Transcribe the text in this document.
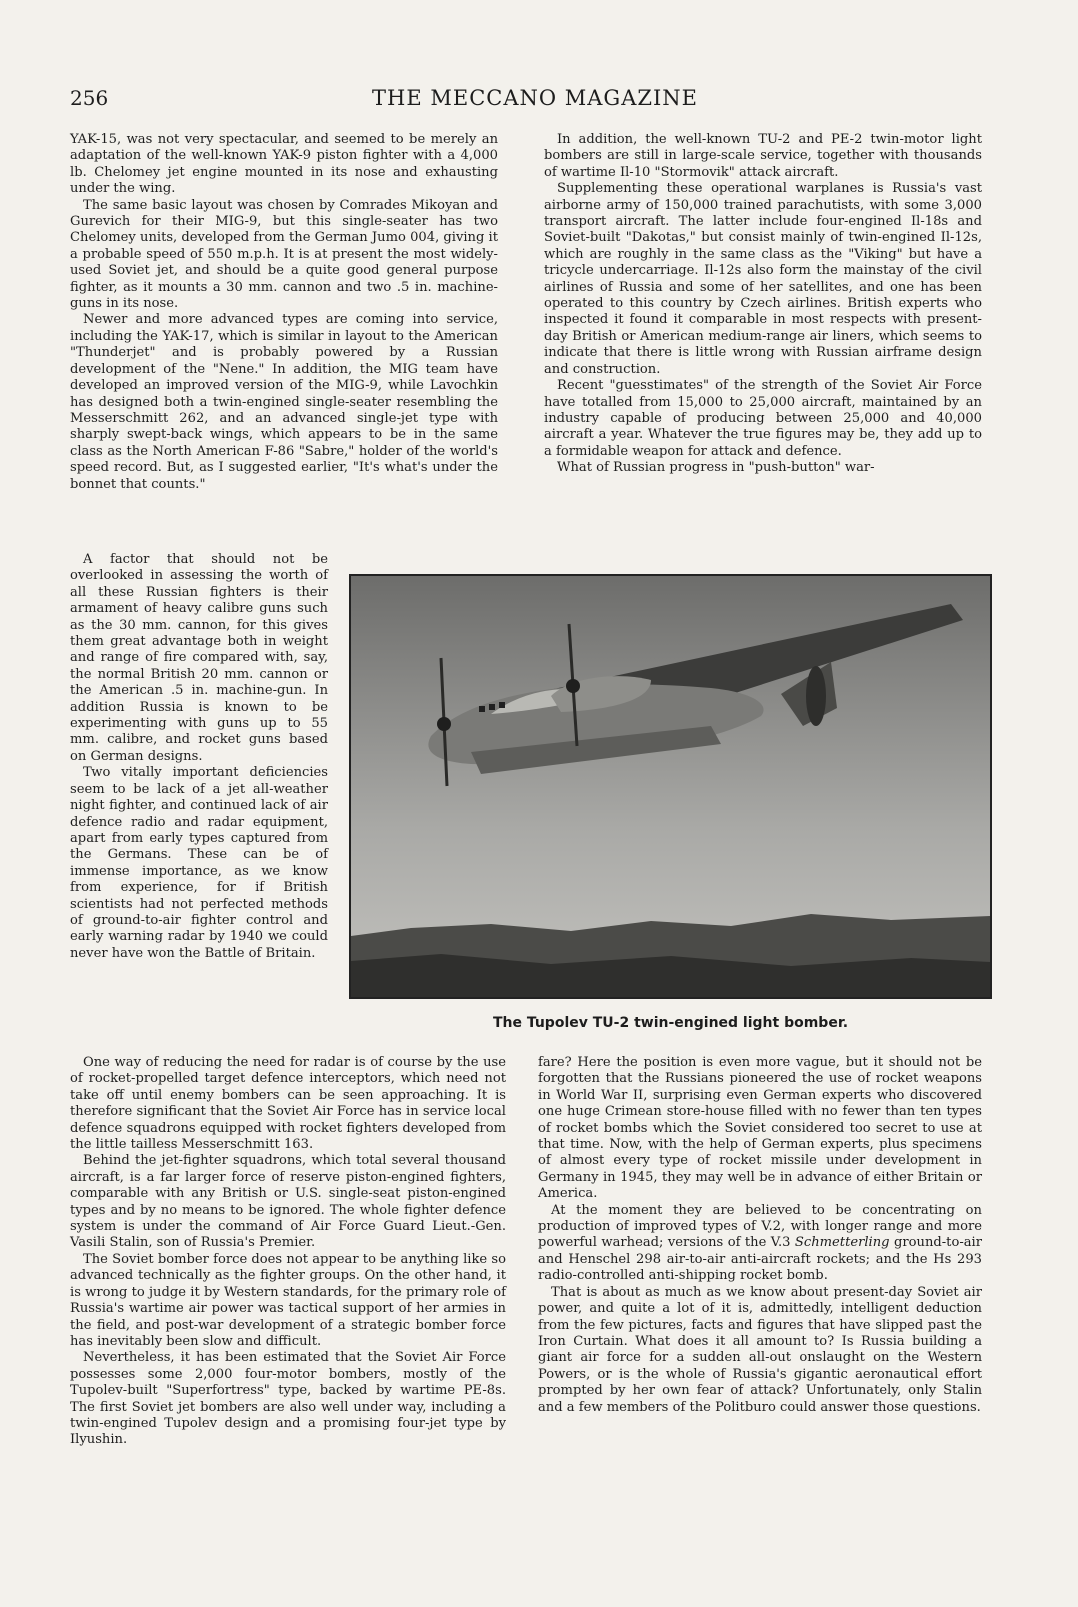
256	THE MECCANO MAGAZINE

YAK-15, was not very spectacular, and seemed to be merely an adaptation of the well-known YAK-9 piston fighter with a 4,000 lb. Chelomey jet engine mounted in its nose and exhausting under the wing.

The same basic layout was chosen by Comrades Mikoyan and Gurevich for their MIG-9, but this single-seater has two Chelomey units, developed from the German Jumo 004, giving it a probable speed of 550 m.p.h. It is at present the most widely-used Soviet jet, and should be a quite good general purpose fighter, as it mounts a 30 mm. cannon and two .5 in. machine-guns in its nose.

Newer and more advanced types are coming into service, including the YAK-17, which is similar in layout to the American "Thunderjet" and is probably powered by a Russian development of the "Nene." In addition, the MIG team have developed an improved version of the MIG-9, while Lavochkin has designed both a twin-engined single-seater resembling the Messerschmitt 262, and an advanced single-jet type with sharply swept-back wings, which appears to be in the same class as the North American F-86 "Sabre," holder of the world's speed record. But, as I suggested earlier, "It's what's under the bonnet that counts."

A factor that should not be overlooked in assessing the worth of all these Russian fighters is their armament of heavy calibre guns such as the 30 mm. cannon, for this gives them great advantage both in weight and range of fire compared with, say, the normal British 20 mm. cannon or the American .5 in. machine-gun. In addition Russia is known to be experimenting with guns up to 55 mm. calibre, and rocket guns based on German designs.

Two vitally important deficiencies seem to be lack of a jet all-weather night fighter, and continued lack of air defence radio and radar equipment, apart from early types captured from the Germans. These can be of immense importance, as we know from experience, for if British scientists had not perfected methods of ground-to-air fighter control and early warning radar by 1940 we could never have won the Battle of Britain.

In addition, the well-known TU-2 and PE-2 twin-motor light bombers are still in large-scale service, together with thousands of wartime Il-10 "Stormovik" attack aircraft.

Supplementing these operational warplanes is Russia's vast airborne army of 150,000 trained parachutists, with some 3,000 transport aircraft. The latter include four-engined Il-18s and Soviet-built "Dakotas," but consist mainly of twin-engined Il-12s, which are roughly in the same class as the "Viking" but have a tricycle undercarriage. Il-12s also form the mainstay of the civil airlines of Russia and some of her satellites, and one has been operated to this country by Czech airlines. British experts who inspected it found it comparable in most respects with present-day British or American medium-range air liners, which seems to indicate that there is little wrong with Russian airframe design and construction.

Recent "guesstimates" of the strength of the Soviet Air Force have totalled from 15,000 to 25,000 aircraft, maintained by an industry capable of producing between 25,000 and 40,000 aircraft a year. Whatever the true figures may be, they add up to a formidable weapon for attack and defence.

What of Russian progress in "push-button" war-

The Tupolev TU-2 twin-engined light bomber.

One way of reducing the need for radar is of course by the use of rocket-propelled target defence interceptors, which need not take off until enemy bombers can be seen approaching. It is therefore significant that the Soviet Air Force has in service local defence squadrons equipped with rocket fighters developed from the little tailless Messerschmitt 163.

Behind the jet-fighter squadrons, which total several thousand aircraft, is a far larger force of reserve piston-engined fighters, comparable with any British or U.S. single-seat piston-engined types and by no means to be ignored. The whole fighter defence system is under the command of Air Force Guard Lieut.-Gen. Vasili Stalin, son of Russia's Premier.

The Soviet bomber force does not appear to be anything like so advanced technically as the fighter groups. On the other hand, it is wrong to judge it by Western standards, for the primary role of Russia's wartime air power was tactical support of her armies in the field, and post-war development of a strategic bomber force has inevitably been slow and difficult.

Nevertheless, it has been estimated that the Soviet Air Force possesses some 2,000 four-motor bombers, mostly of the Tupolev-built "Superfortress" type, backed by wartime PE-8s. The first Soviet jet bombers are also well under way, including a twin-engined Tupolev design and a promising four-jet type by Ilyushin.

fare? Here the position is even more vague, but it should not be forgotten that the Russians pioneered the use of rocket weapons in World War II, surprising even German experts who discovered one huge Crimean store-house filled with no fewer than ten types of rocket bombs which the Soviet considered too secret to use at that time. Now, with the help of German experts, plus specimens of almost every type of rocket missile under development in Germany in 1945, they may well be in advance of either Britain or America.

At the moment they are believed to be concentrating on production of improved types of V.2, with longer range and more powerful warhead; versions of the V.3 Schmetterling ground-to-air and Henschel 298 air-to-air anti-aircraft rockets; and the Hs 293 radio-controlled anti-shipping rocket bomb.

That is about as much as we know about present-day Soviet air power, and quite a lot of it is, admittedly, intelligent deduction from the few pictures, facts and figures that have slipped past the Iron Curtain. What does it all amount to? Is Russia building a giant air force for a sudden all-out onslaught on the Western Powers, or is the whole of Russia's gigantic aeronautical effort prompted by her own fear of attack? Unfortunately, only Stalin and a few members of the Politburo could answer those questions.
